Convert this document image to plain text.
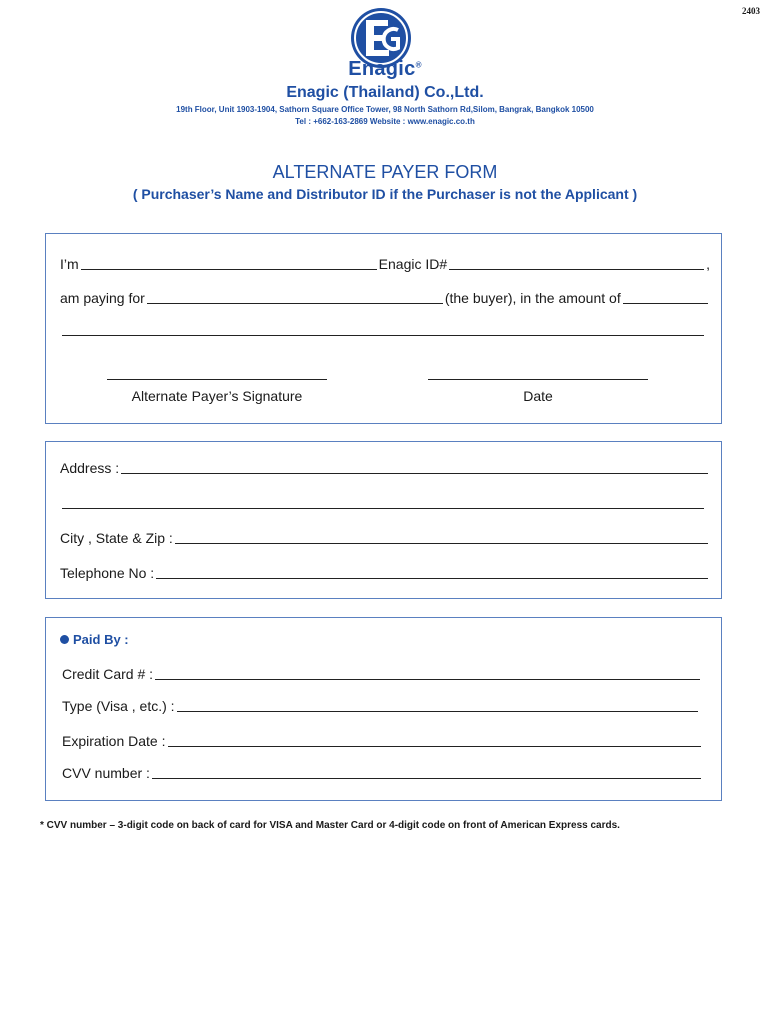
2403
Enagic®
Enagic (Thailand) Co.,Ltd.
19th Floor, Unit 1903-1904, Sathorn Square Office Tower, 98 North Sathorn Rd,Silom, Bangrak, Bangkok 10500
Tel : +662-163-2869 Website : www.enagic.co.th
ALTERNATE PAYER FORM
( Purchaser’s Name and Distributor ID if the Purchaser is not the Applicant )
I’m	Enagic ID#	,
am paying for	(the buyer), in the amount of
Alternate Payer’s Signature	Date
Address :
City , State & Zip :
Telephone No :
Paid By :
Credit Card # :
Type (Visa , etc.) :
Expiration Date :
CVV number :
* CVV number – 3-digit code on back of card for VISA and Master Card or 4-digit code on front of American Express cards.
